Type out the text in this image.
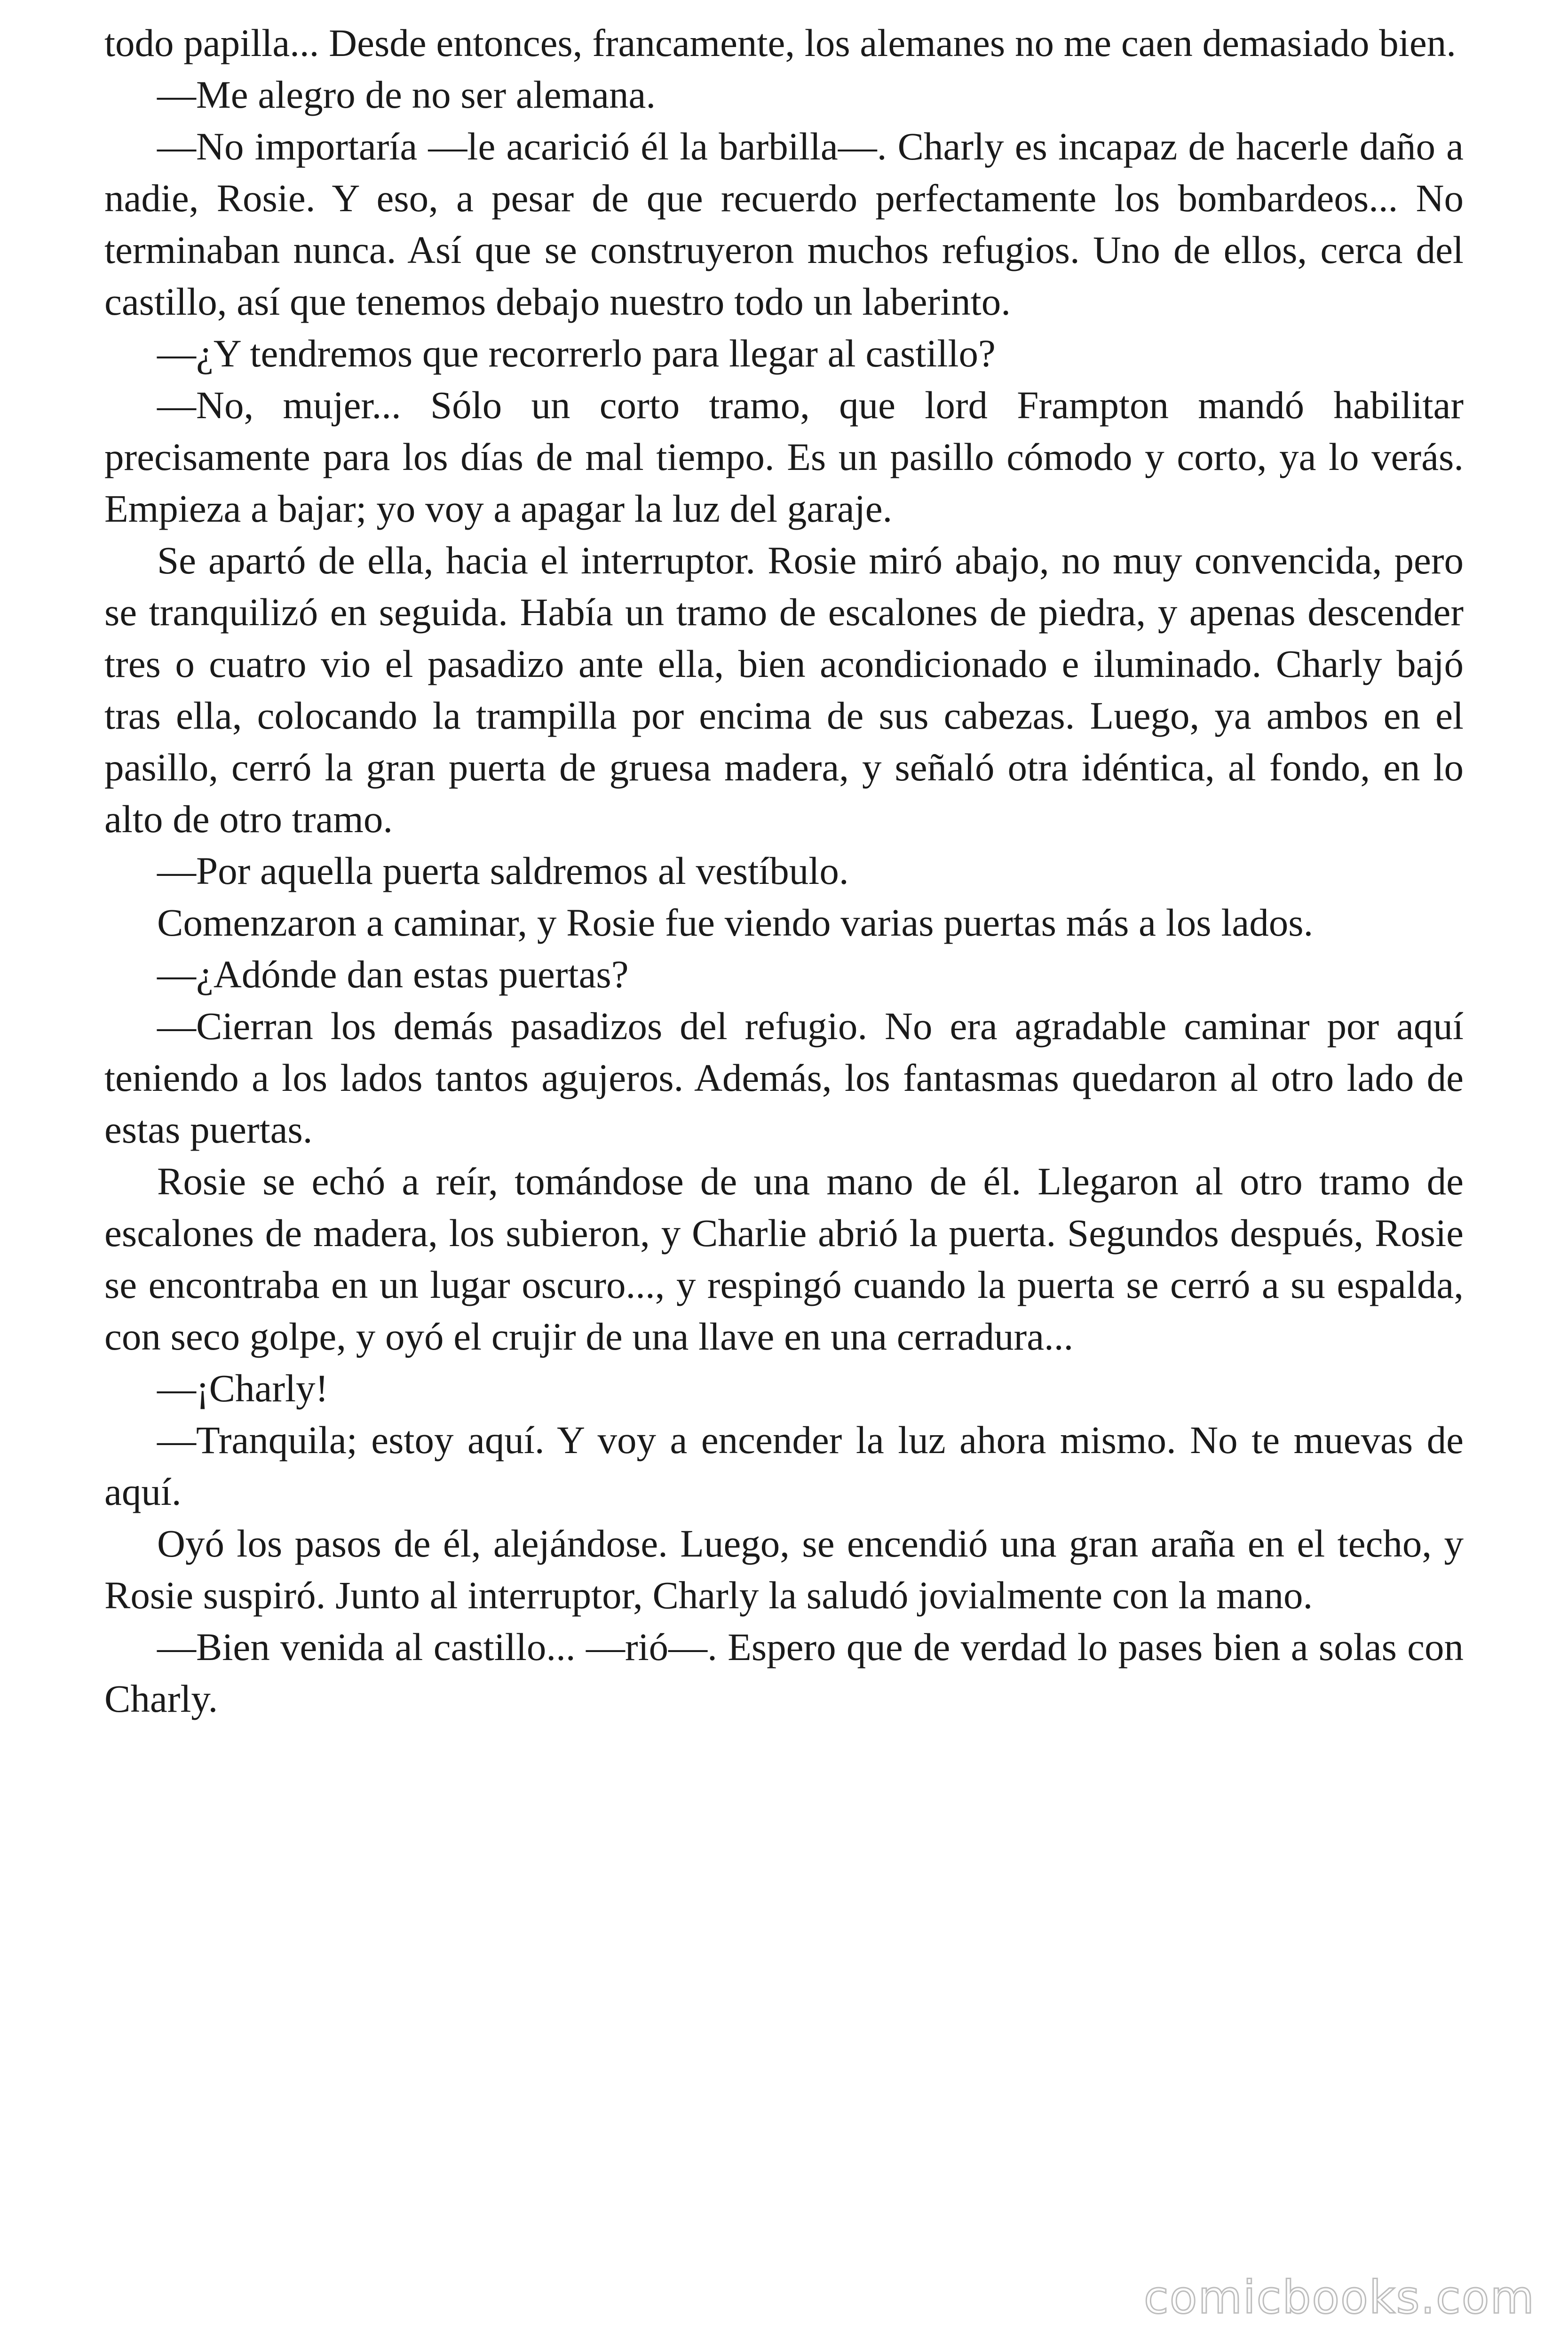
todo papilla... Desde entonces, francamente, los alemanes no me caen demasiado bien.

—Me alegro de no ser alemana.

—No importaría —le acarició él la barbilla—. Charly es incapaz de hacerle daño a nadie, Rosie. Y eso, a pesar de que recuerdo perfectamente los bombardeos... No terminaban nunca. Así que se construyeron muchos refugios. Uno de ellos, cerca del castillo, así que tenemos debajo nuestro todo un laberinto.

—¿Y tendremos que recorrerlo para llegar al castillo?

—No, mujer... Sólo un corto tramo, que lord Frampton mandó habilitar precisamente para los días de mal tiempo. Es un pasillo cómodo y corto, ya lo verás. Empieza a bajar; yo voy a apagar la luz del garaje.

Se apartó de ella, hacia el interruptor. Rosie miró abajo, no muy convencida, pero se tranquilizó en seguida. Había un tramo de escalones de piedra, y apenas descender tres o cuatro vio el pasadizo ante ella, bien acondicionado e iluminado. Charly bajó tras ella, colocando la trampilla por encima de sus cabezas. Luego, ya ambos en el pasillo, cerró la gran puerta de gruesa madera, y señaló otra idéntica, al fondo, en lo alto de otro tramo.

—Por aquella puerta saldremos al vestíbulo.

Comenzaron a caminar, y Rosie fue viendo varias puertas más a los lados.

—¿Adónde dan estas puertas?

—Cierran los demás pasadizos del refugio. No era agradable caminar por aquí teniendo a los lados tantos agujeros. Además, los fantasmas quedaron al otro lado de estas puertas.

Rosie se echó a reír, tomándose de una mano de él. Llegaron al otro tramo de escalones de madera, los subieron, y Charlie abrió la puerta. Segundos después, Rosie se encontraba en un lugar oscuro..., y respingó cuando la puerta se cerró a su espalda, con seco golpe, y oyó el crujir de una llave en una cerradura...

—¡Charly!

—Tranquila; estoy aquí. Y voy a encender la luz ahora mismo. No te muevas de aquí.

Oyó los pasos de él, alejándose. Luego, se encendió una gran araña en el techo, y Rosie suspiró. Junto al interruptor, Charly la saludó jovialmente con la mano.

—Bien venida al castillo... —rió—. Espero que de verdad lo pases bien a solas con Charly.

comicbooks.com
